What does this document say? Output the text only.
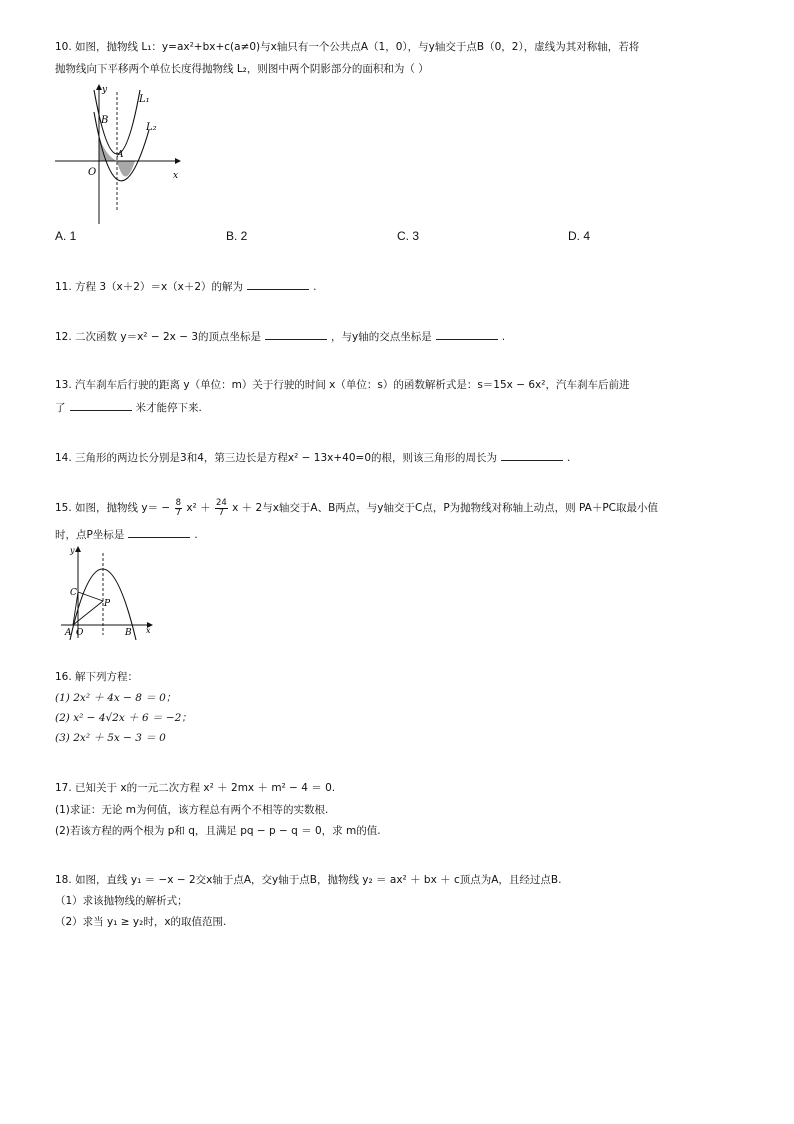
10. 如图，抛物线 L₁：y=ax²+bx+c(a≠0)与x轴只有一个公共点A（1，0），与y轴交于点B（0，2），虚线为其对称轴，若将
抛物线向下平移两个单位长度得抛物线 L₂，则图中两个阴影部分的面积和为（ ）
y
x
O
A
B
L₁
L₂
A. 1	B. 2	C. 3	D. 4
11. 方程 3（x＋2）＝x（x＋2）的解为	.
12. 二次函数 y＝x² − 2x − 3的顶点坐标是	，与y轴的交点坐标是	.
13. 汽车刹车后行驶的距离 y（单位：m）关于行驶的时间 x（单位：s）的函数解析式是：s＝15x − 6x²，汽车刹车后前进
了	米才能停下来.
14. 三角形的两边长分别是3和4，第三边长是方程x² − 13x+40=0的根，则该三角形的周长为	.
15. 如图，抛物线 $y= - \frac{8}{7} x^2 + \frac{24}{7}$ x ＋ 2与x轴交于A、B两点，与y轴交于C点，P为抛物线对称轴上动点，则 PA＋PC取最小值
时，点P坐标是	.
y
x
C
P
A O	B
16. 解下列方程：
(1) 2x² ＋ 4x − 8 ＝ 0；
(2) x² − 4√2x ＋ 6 ＝ −2；
(3) 2x² ＋ 5x − 3 ＝ 0
17. 已知关于 x的一元二次方程 x² ＋ 2mx ＋ m² − 4 ＝ 0.
(1)求证：无论 m为何值，该方程总有两个不相等的实数根.
(2)若该方程的两个根为 p和 q，且满足 pq − p − q ＝ 0，求 m的值.
18. 如图，直线 y₁ ＝ −x − 2交x轴于点A，交y轴于点B，抛物线 y₂ ＝ ax² ＋ bx ＋ c顶点为A，且经过点B.
（1）求该抛物线的解析式；
（2）求当 y₁ ≥ y₂时，x的取值范围.
